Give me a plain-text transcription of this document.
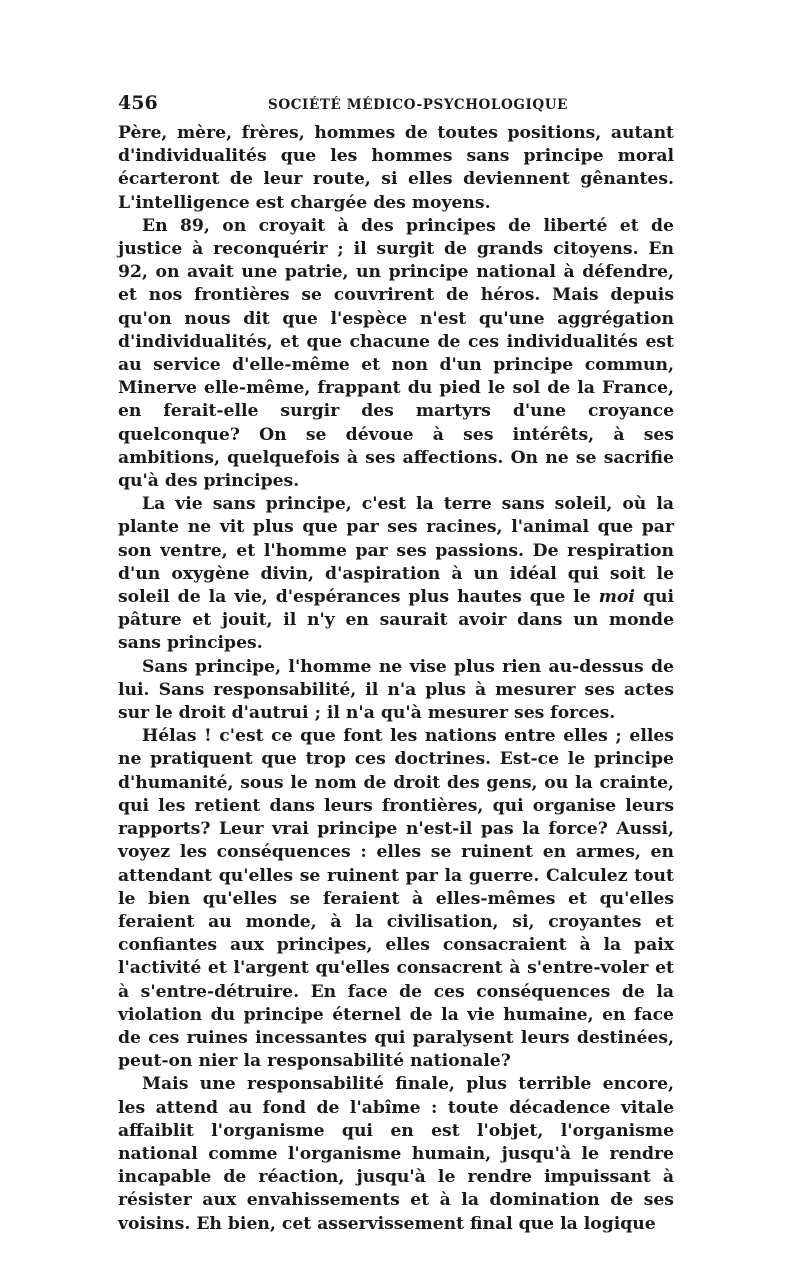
456	SOCIÉTÉ MÉDICO-PSYCHOLOGIQUE

Père, mère, frères, hommes de toutes positions, autant d'individualités que les hommes sans principe moral écarteront de leur route, si elles deviennent gênantes. L'intelligence est chargée des moyens.

En 89, on croyait à des principes de liberté et de justice à reconquérir ; il surgit de grands citoyens. En 92, on avait une patrie, un principe national à défendre, et nos frontières se couvrirent de héros. Mais depuis qu'on nous dit que l'espèce n'est qu'une aggrégation d'individualités, et que chacune de ces individualités est au service d'elle-même et non d'un principe commun, Minerve elle-même, frappant du pied le sol de la France, en ferait-elle surgir des martyrs d'une croyance quelconque? On se dévoue à ses intérêts, à ses ambitions, quelquefois à ses affections. On ne se sacrifie qu'à des principes.

La vie sans principe, c'est la terre sans soleil, où la plante ne vit plus que par ses racines, l'animal que par son ventre, et l'homme par ses passions. De respiration d'un oxygène divin, d'aspiration à un idéal qui soit le soleil de la vie, d'espérances plus hautes que le moi qui pâture et jouit, il n'y en saurait avoir dans un monde sans principes.

Sans principe, l'homme ne vise plus rien au-dessus de lui. Sans responsabilité, il n'a plus à mesurer ses actes sur le droit d'autrui ; il n'a qu'à mesurer ses forces.

Hélas ! c'est ce que font les nations entre elles ; elles ne pratiquent que trop ces doctrines. Est-ce le principe d'humanité, sous le nom de droit des gens, ou la crainte, qui les retient dans leurs frontières, qui organise leurs rapports? Leur vrai principe n'est-il pas la force? Aussi, voyez les conséquences : elles se ruinent en armes, en attendant qu'elles se ruinent par la guerre. Calculez tout le bien qu'elles se feraient à elles-mêmes et qu'elles feraient au monde, à la civilisation, si, croyantes et confiantes aux principes, elles consacraient à la paix l'activité et l'argent qu'elles consacrent à s'entre-voler et à s'entre-détruire. En face de ces conséquences de la violation du principe éternel de la vie humaine, en face de ces ruines incessantes qui paralysent leurs destinées, peut-on nier la responsabilité nationale?

Mais une responsabilité finale, plus terrible encore, les attend au fond de l'abîme : toute décadence vitale affaiblit l'organisme qui en est l'objet, l'organisme national comme l'organisme humain, jusqu'à le rendre incapable de réaction, jusqu'à le rendre impuissant à résister aux envahissements et à la domination de ses voisins. Eh bien, cet asservissement final que la logique
